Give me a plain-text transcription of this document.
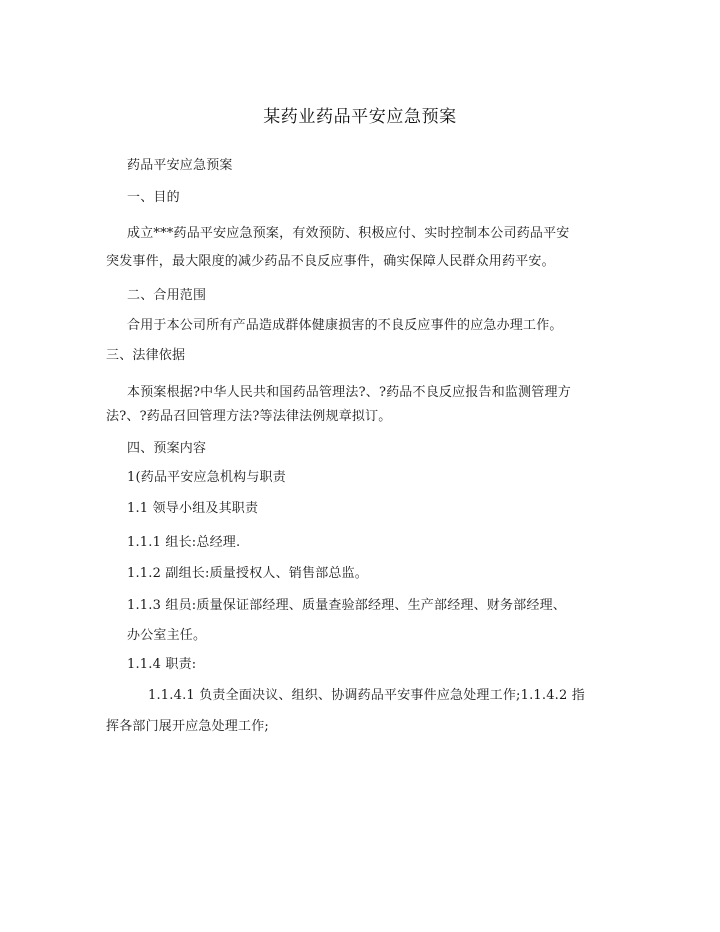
某药业药品平安应急预案
药品平安应急预案
一、目的
成立***药品平安应急预案，有效预防、积极应付、实时控制本公司药品平安
突发事件，最大限度的减少药品不良反应事件，确实保障人民群众用药平安。
二、合用范围
合用于本公司所有产品造成群体健康损害的不良反应事件的应急办理工作。
三、法律依据
本预案根据?中华人民共和国药品管理法?、?药品不良反应报告和监测管理方
法?、?药品召回管理方法?等法律法例规章拟订。
四、预案内容
1(药品平安应急机构与职责
1.1 领导小组及其职责
1.1.1 组长:总经理.
1.1.2 副组长:质量授权人、销售部总监。
1.1.3 组员:质量保证部经理、质量查验部经理、生产部经理、财务部经理、
办公室主任。
1.1.4 职责:
1.1.4.1 负责全面决议、组织、协调药品平安事件应急处理工作;1.1.4.2 指
挥各部门展开应急处理工作;
